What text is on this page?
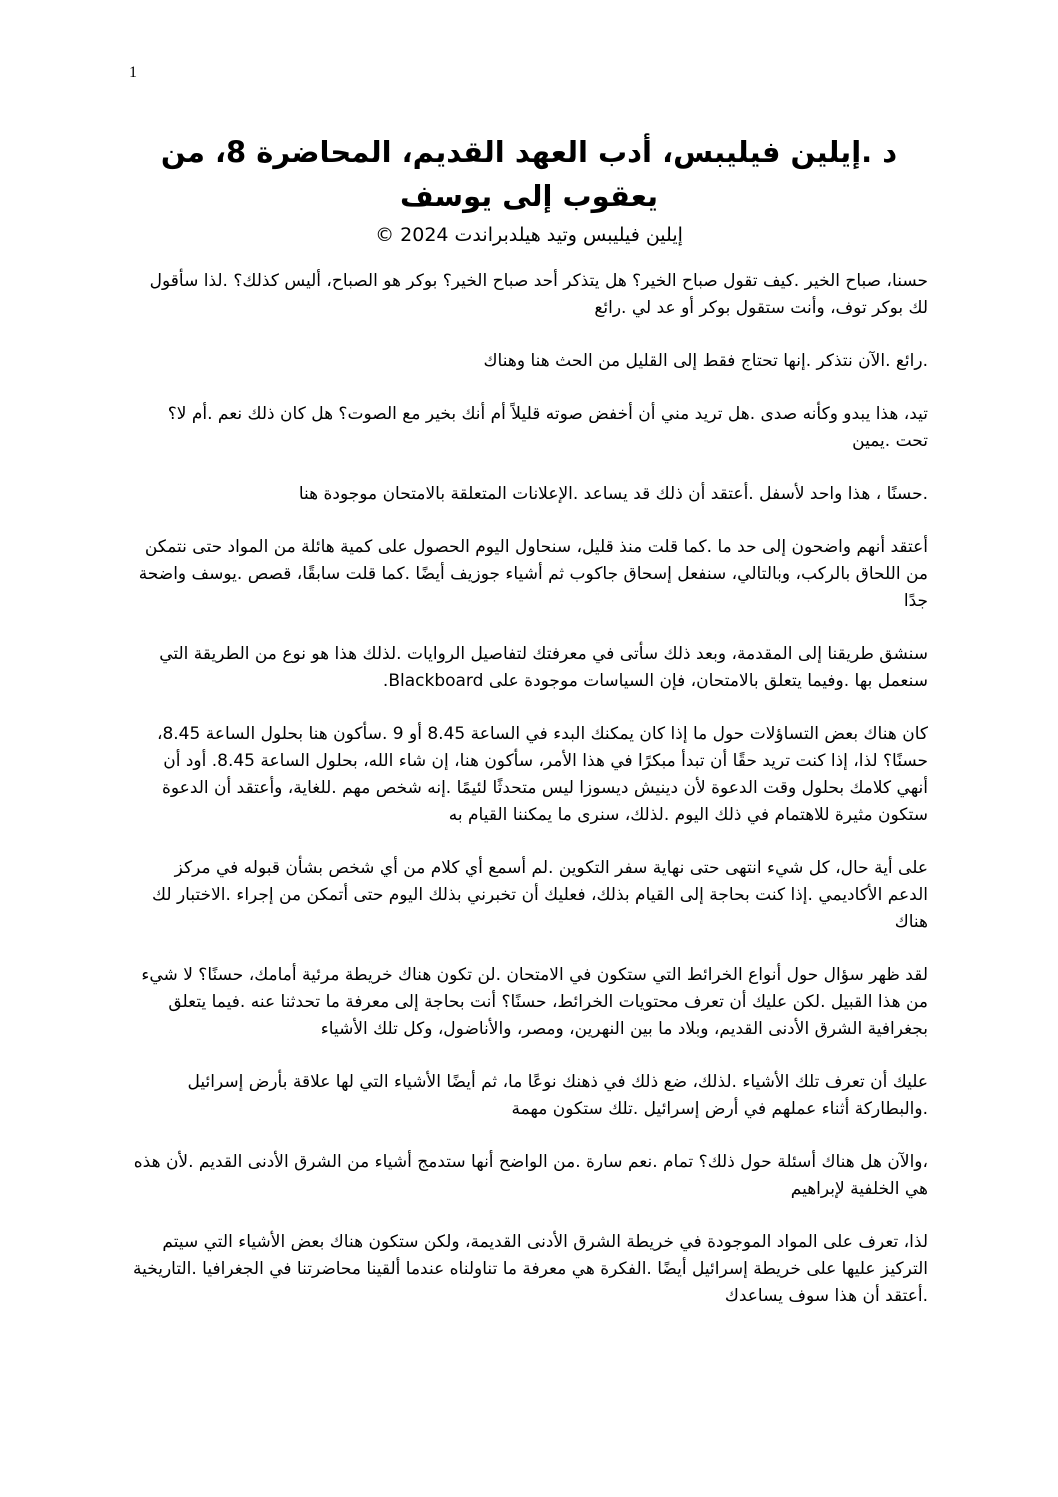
1
د .إيلين فيليبس، أدب العهد القديم، المحاضرة 8، من يعقوب إلى يوسف
إيلين فيليبس وتيد هيلدبراندت 2024 ©

حسنا، صباح الخير .كيف تقول صباح الخير؟ هل يتذكر أحد صباح الخير؟ بوكر هو الصباح، أليس كذلك؟ .لذا سأقول لك بوكر توف، وأنت ستقول بوكر أو عد لي .رائع

.رائع .الآن نتذكر .إنها تحتاج فقط إلى القليل من الحث هنا وهناك

تيد، هذا يبدو وكأنه صدى .هل تريد مني أن أخفض صوته قليلاً أم أنك بخير مع الصوت؟ هل كان ذلك نعم .أم لا؟ تحت .يمين

.حسنًا ، هذا واحد لأسفل .أعتقد أن ذلك قد يساعد .الإعلانات المتعلقة بالامتحان موجودة هنا

أعتقد أنهم واضحون إلى حد ما .كما قلت منذ قليل، سنحاول اليوم الحصول على كمية هائلة من المواد حتى نتمكن من اللحاق بالركب، وبالتالي، سنفعل إسحاق جاكوب ثم أشياء جوزيف أيضًا .كما قلت سابقًا، قصص .يوسف واضحة جدًا

سنشق طريقنا إلى المقدمة، وبعد ذلك سأتى في معرفتك لتفاصيل الروايات .لذلك هذا هو نوع من الطريقة التي سنعمل بها .وفيما يتعلق بالامتحان، فإن السياسات موجودة على Blackboard.

كان هناك بعض التساؤلات حول ما إذا كان يمكنك البدء في الساعة 8.45 أو 9 .سأكون هنا بحلول الساعة 8.45، حسنًا؟ لذا، إذا كنت تريد حقًا أن تبدأ مبكرًا في هذا الأمر، سأكون هنا، إن شاء الله، بحلول الساعة 8.45. أود أن أنهي كلامك بحلول وقت الدعوة لأن دينيش ديسوزا ليس متحدثًا لئيمًا .إنه شخص مهم .للغاية، وأعتقد أن الدعوة ستكون مثيرة للاهتمام في ذلك اليوم .لذلك، سنرى ما يمكننا القيام به

على أية حال، كل شيء انتهى حتى نهاية سفر التكوين .لم أسمع أي كلام من أي شخص بشأن قبوله في مركز الدعم الأكاديمي .إذا كنت بحاجة إلى القيام بذلك، فعليك أن تخبرني بذلك اليوم حتى أتمكن من إجراء .الاختبار لك هناك

لقد ظهر سؤال حول أنواع الخرائط التي ستكون في الامتحان .لن تكون هناك خريطة مرئية أمامك، حسنًا؟ لا شيء من هذا القبيل .لكن عليك أن تعرف محتويات الخرائط، حسنًا؟ أنت بحاجة إلى معرفة ما تحدثنا عنه .فيما يتعلق بجغرافية الشرق الأدنى القديم، وبلاد ما بين النهرين، ومصر، والأناضول، وكل تلك الأشياء

عليك أن تعرف تلك الأشياء .لذلك، ضع ذلك في ذهنك نوعًا ما، ثم أيضًا الأشياء التي لها علاقة بأرض إسرائيل .والبطاركة أثناء عملهم في أرض إسرائيل .تلك ستكون مهمة

،والآن هل هناك أسئلة حول ذلك؟ تمام .نعم سارة .من الواضح أنها ستدمج أشياء من الشرق الأدنى القديم .لأن هذه هي الخلفية لإبراهيم

لذا، تعرف على المواد الموجودة في خريطة الشرق الأدنى القديمة، ولكن ستكون هناك بعض الأشياء التي سيتم التركيز عليها على خريطة إسرائيل أيضًا .الفكرة هي معرفة ما تناولناه عندما ألقينا محاضرتنا في الجغرافيا .التاريخية .أعتقد أن هذا سوف يساعدك
